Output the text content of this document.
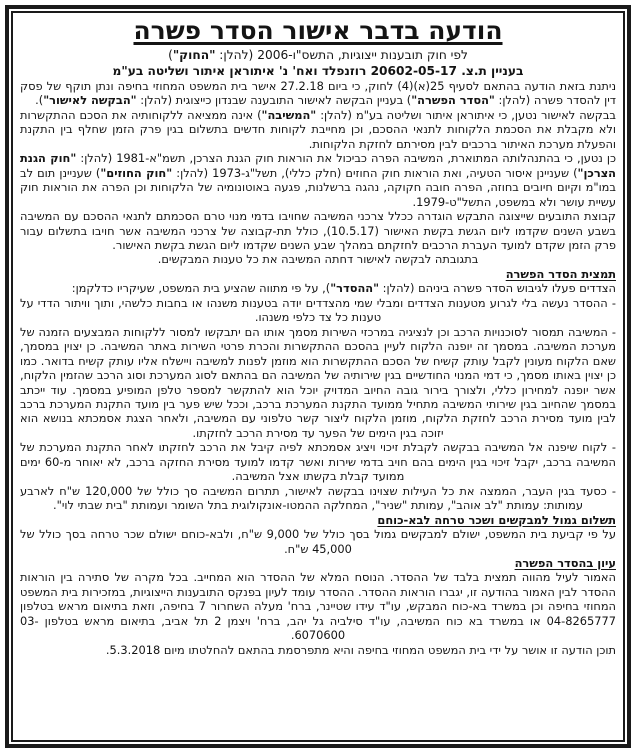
הודעה בדבר אישור הסדר פשרה
לפי חוק תובענות ייצוגיות, התשס"ו-2006 (להלן: "החוק")
בעניין ת.צ. 20602-05-17 רוזנפלד ואח' נ' איתוראן איתור ושליטה בע"מ
ניתנת בזאת הודעה בהתאם לסעיף 25(א)(4) לחוק, כי ביום 27.2.18 אישר בית המשפט המחוזי בחיפה ונתן תוקף של פסק דין להסדר פשרה (להלן: "הסדר הפשרה") בעניין הבקשה לאישור התובענה שבנדון כייצוגית (להלן: "הבקשה לאישור").
בבקשה לאישור נטען, כי איתוראן איתור ושליטה בע"מ (להלן: "המשיבה") אינה ממציאה ללקוחותיה את הסכם ההתקשרות ולא מקבלת את הסכמת הלקוחות לתנאי ההסכם, וכן מחייבת לקוחות חדשים בתשלום בגין פרק הזמן שחלף בין התקנת והפעלת מערכת האיתור ברכבים לבין מסירתם לחזקת הלקוחות.
כן נטען, כי בהתנהלותה המתוארת, המשיבה הפרה כביכול את הוראות חוק הגנת הצרכן, תשמ"א-1981 (להלן: "חוק הגנת הצרכן") שעניינן איסור הטעיה, ואת הוראות חוק החוזים (חלק כללי), תשל"ג-1973 (להלן: "חוק החוזים") שעניינן תום לב במו"מ וקיום חיובים בחוזה, הפרה חובה חקוקה, נהגה ברשלנות, פגעה באוטונומיה של הלקוחות וכן הפרה את הוראות חוק עשיית עושר ולא במשפט, התשל"ט-1979.
קבוצת התובעים שייצוגה התבקש הוגדרה ככלל צרכני המשיבה שחויבו בדמי מנוי טרם הסכמתם לתנאי ההסכם עם המשיבה בשבע השנים שקדמו ליום הגשת בקשת האישור (10.5.17), כולל תת-קבוצה של צרכני המשיבה אשר חויבו בתשלום עבור פרק הזמן שקדם למועד העברת הרכבים לחזקתם במהלך שבע השנים שקדמו ליום הגשת בקשת האישור.
בתגובתה לבקשה לאישור דחתה המשיבה את כל טענות המבקשים.
תמצית הסדר הפשרה
הצדדים פעלו לגיבוש הסדר פשרה ביניהם (להלן: "ההסדר"), על פי מתווה שהציע בית המשפט, שעיקריו כדלקמן:
- ההסדר נעשה בלי לגרוע מטענות הצדדים ומבלי שמי מהצדדים יודה בטענות משנהו או בחבות כלשהי, ותוך וויתור הדדי על טענות כל צד כלפי משנהו.
- המשיבה תמסור לסוכנויות הרכב וכן לנציגיה במרכזי השירות מסמך אותו הם יתבקשו למסור ללקוחות המבצעים הזמנה של מערכת המשיבה. במסמך זה יופנה הלקוח לעיין בהסכם ההתקשרות והכרת פרטי השירות באתר המשיבה. כן יצוין במסמך, שאם הלקוח מעונין לקבל עותק קשיח של הסכם ההתקשרות הוא מוזמן לפנות למשיבה ויישלח אליו עותק קשיח בדואר. כמו כן יצוין באותו מסמך, כי דמי המנוי החודשיים בגין שירותיה של המשיבה הם בהתאם לסוג המערכת וסוג הרכב שהזמין הלקוח, אשר יופנה למחירון כללי, ולצורך בירור גובה החיוב המדויק יוכל הוא להתקשר למספר טלפן המופיע במסמך. עוד ייכתב במסמך שהחיוב בגין שירותי המשיבה מתחיל ממועד התקנת המערכת ברכב, וככל שיש פער בין מועד התקנת המערכת ברכב לבין מועד מסירת הרכב לחזקת הלקוח, מוזמן הלקוח ליצור קשר טלפוני עם המשיבה, ולאחר הצגת אסמכתא בנושא הוא יזוכה בגין הימים של הפער עד מסירת הרכב לחזקתו.
- לקוח שיפנה אל המשיבה בבקשה לקבלת זיכוי ויציג אסמכתא לפיה קיבל את הרכב לחזקתו לאחר התקנת המערכת של המשיבה ברכב, יקבל זיכוי בגין הימים בהם חויב בדמי שירות ואשר קדמו למועד מסירת החזקה ברכב, לא יאוחר מ-60 ימים ממועד קבלת בקשתו אצל המשיבה.
- כסעד בגין העבר, הממצה את כל העילות שצוינו בבקשה לאישור, תתרום המשיבה סך כולל של 120,000 ש"ח לארבע עמותות: עמותת "לב אוהב", עמותת "שניר", המחלקה ההמטו-אונקולוגית בתל השומר ועמותת "בית שבתי לוי".
תשלום גמול למבקשים ושכר טרחה לבא-כוחם
על פי קביעת בית המשפט, ישולם למבקשים גמול בסך כולל של 9,000 ש"ח, ולבא-כוחם ישולם שכר טרחה בסך כולל של 45,000 ש"ח.
עיון בהסדר הפשרה
האמור לעיל מהווה תמצית בלבד של ההסדר. הנוסח המלא של ההסדר הוא המחייב. בכל מקרה של סתירה בין הוראות ההסדר לבין האמור בהודעה זו, יגברו הוראות ההסדר. ההסדר עומד לעיון בפנקס התובענות הייצוגיות, במזכירות בית המשפט המחוזי בחיפה וכן במשרד בא-כוח המבקש, עו"ד עידו שטיינר, ברח' מעלה השחרור 7 בחיפה, וזאת בתיאום מראש בטלפון 04-8265777 או במשרד בא כוח המשיבה, עו"ד סילביה גל יהב, ברח' ויצמן 2 תל אביב, בתיאום מראש בטלפון 03-6070600.
תוכן הודעה זו אושר על ידי בית המשפט המחוזי בחיפה והיא מתפרסמת בהתאם להחלטתו מיום 5.3.2018.
